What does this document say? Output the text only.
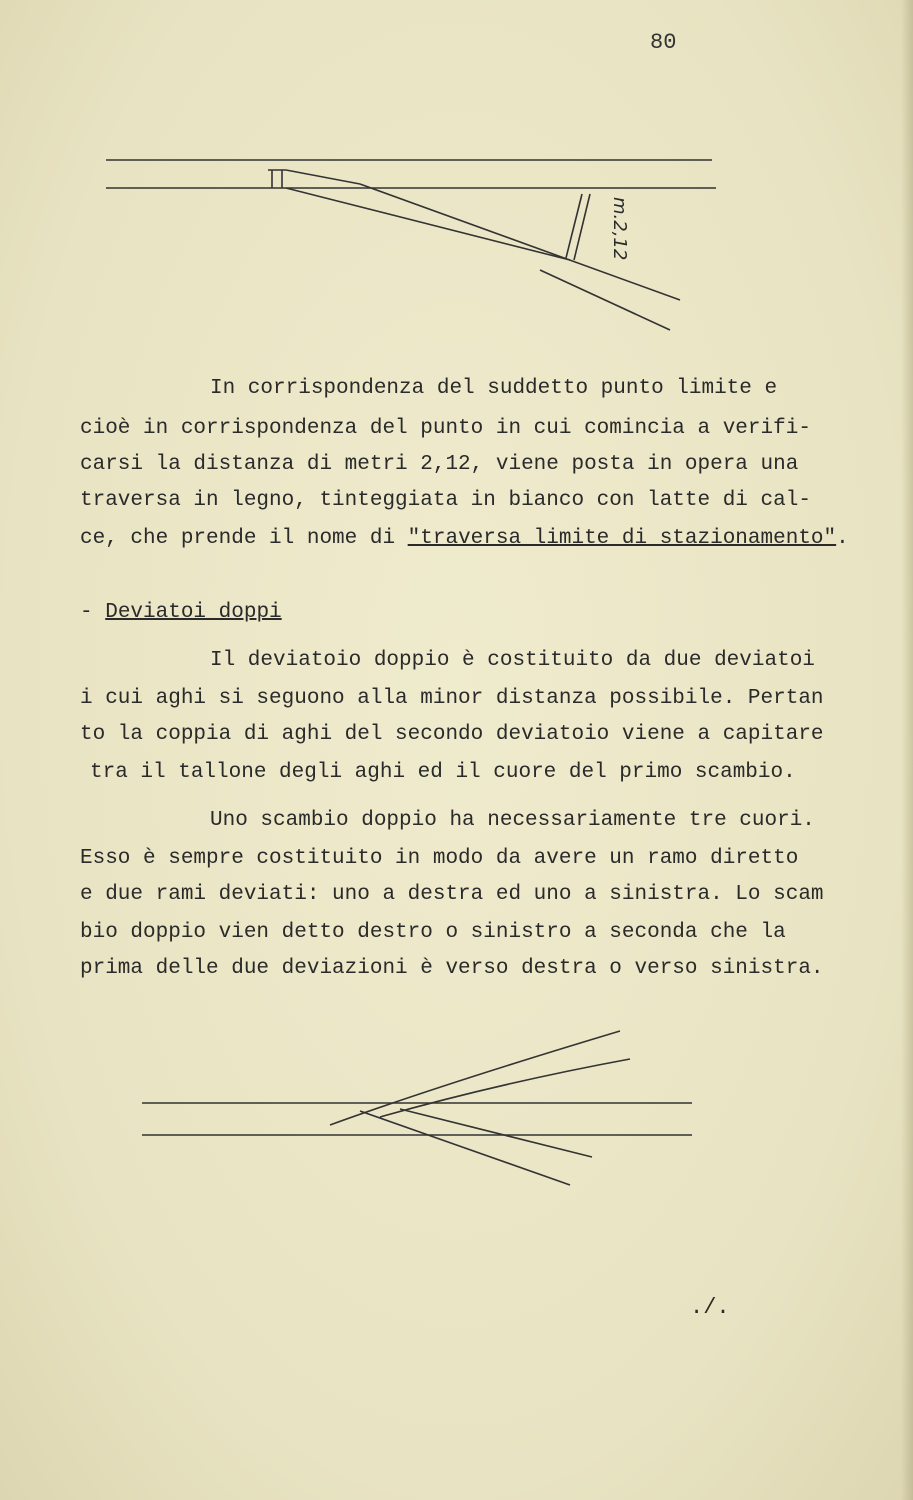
80
m.2,12
In corrispondenza del suddetto punto limite e
cioè in corrispondenza del punto in cui comincia a verifi-
carsi la distanza di metri 2,12, viene posta in opera una
traversa in legno, tinteggiata in bianco con latte di cal-
ce, che prende il nome di "traversa limite di stazionamento".
- Deviatoi doppi
Il deviatoio doppio è costituito da due deviatoi
i cui aghi si seguono alla minor distanza possibile. Pertan
to la coppia di aghi del secondo deviatoio viene a capitare
tra il tallone degli aghi ed il cuore del primo scambio.
Uno scambio doppio ha necessariamente tre cuori.
Esso è sempre costituito in modo da avere un ramo diretto
e due rami deviati: uno a destra ed uno a sinistra. Lo scam
bio doppio vien detto destro o sinistro a seconda che la
prima delle due deviazioni è verso destra o verso sinistra.
./.
